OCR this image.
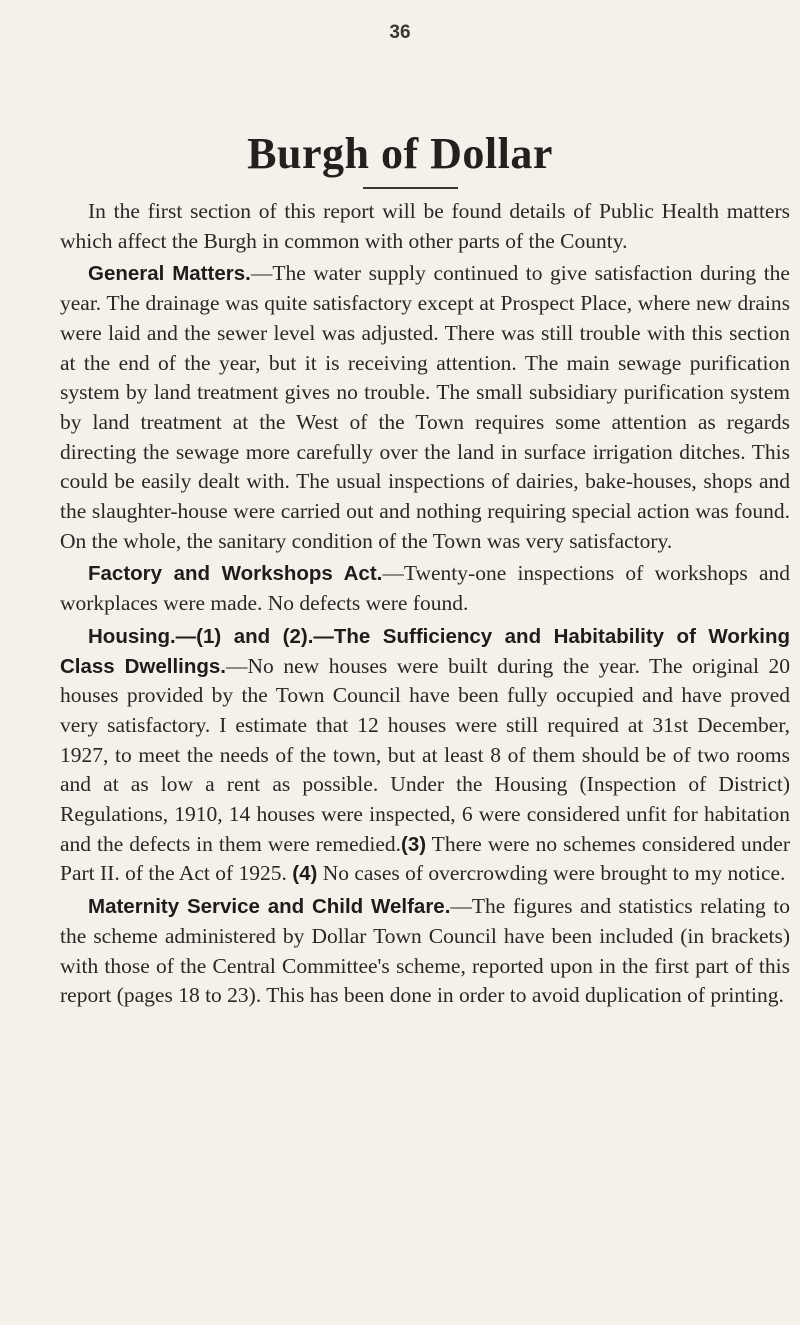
36
Burgh of Dollar

In the first section of this report will be found details of Public Health matters which affect the Burgh in common with other parts of the County.

General Matters.—The water supply continued to give satisfaction during the year. The drainage was quite satisfactory except at Prospect Place, where new drains were laid and the sewer level was adjusted. There was still trouble with this section at the end of the year, but it is receiving attention. The main sewage purification system by land treatment gives no trouble. The small subsidiary purification system by land treatment at the West of the Town requires some attention as regards directing the sewage more carefully over the land in surface irrigation ditches. This could be easily dealt with. The usual inspections of dairies, bake-houses, shops and the slaughter-house were carried out and nothing requiring special action was found. On the whole, the sanitary condition of the Town was very satisfactory.

Factory and Workshops Act.—Twenty-one inspections of workshops and workplaces were made. No defects were found.

Housing.—(1) and (2).—The Sufficiency and Habitability of Working Class Dwellings.—No new houses were built during the year. The original 20 houses provided by the Town Council have been fully occupied and have proved very satisfactory. I estimate that 12 houses were still required at 31st December, 1927, to meet the needs of the town, but at least 8 of them should be of two rooms and at as low a rent as possible. Under the Housing (Inspection of District) Regulations, 1910, 14 houses were inspected, 6 were considered unfit for habitation and the defects in them were remedied.(3) There were no schemes considered under Part II. of the Act of 1925. (4) No cases of overcrowding were brought to my notice.

Maternity Service and Child Welfare.—The figures and statistics relating to the scheme administered by Dollar Town Council have been included (in brackets) with those of the Central Committee's scheme, reported upon in the first part of this report (pages 18 to 23). This has been done in order to avoid duplication of printing.
